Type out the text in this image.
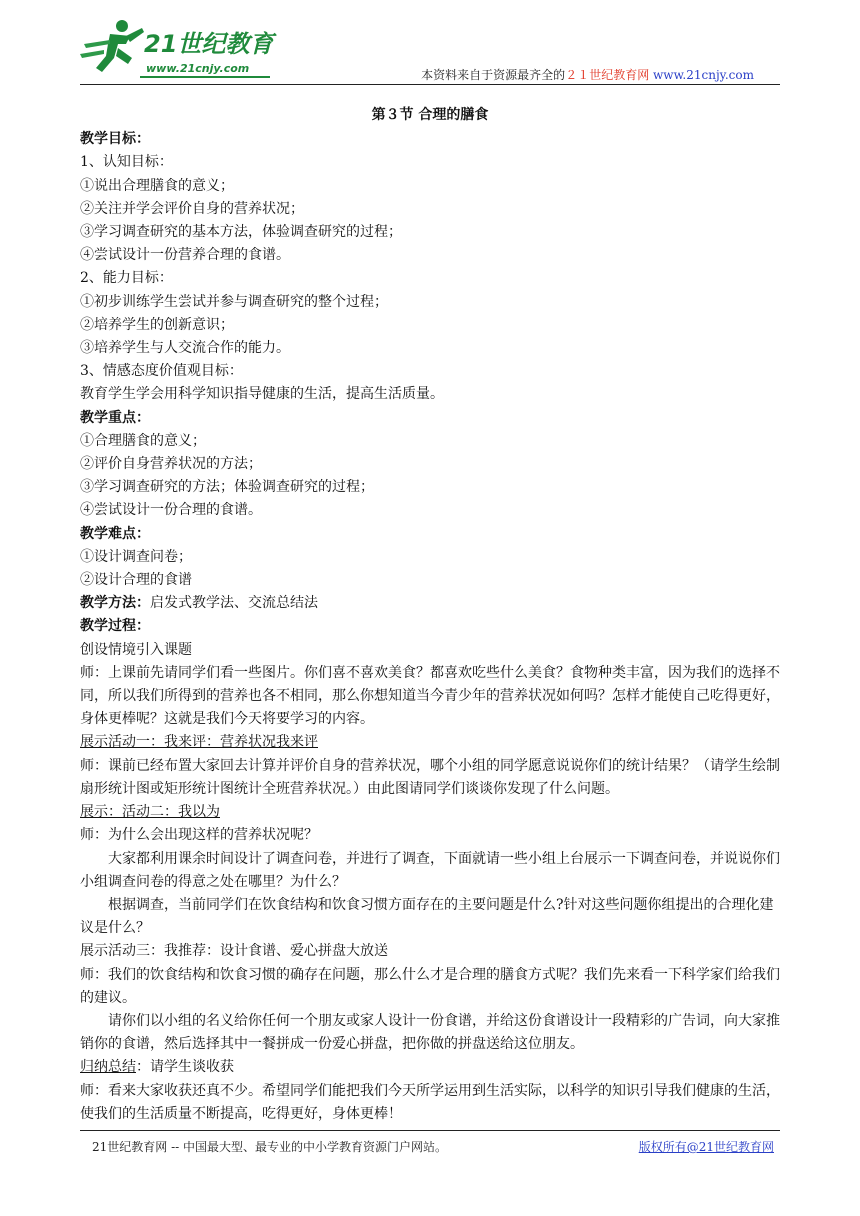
21世纪教育
www.21cnjy.com	本资料来自于资源最齐全的２１世纪教育网 www.21cnjy.com
第３节 合理的膳食
教学目标：
1、认知目标：
①说出合理膳食的意义；
②关注并学会评价自身的营养状况；
③学习调查研究的基本方法，体验调查研究的过程；
④尝试设计一份营养合理的食谱。
2、能力目标：
①初步训练学生尝试并参与调查研究的整个过程；
②培养学生的创新意识；
③培养学生与人交流合作的能力。
3、情感态度价值观目标：
教育学生学会用科学知识指导健康的生活，提高生活质量。
教学重点：
①合理膳食的意义；
②评价自身营养状况的方法；
③学习调查研究的方法；体验调查研究的过程；
④尝试设计一份合理的食谱。
教学难点：
①设计调查问卷；
②设计合理的食谱
教学方法：启发式教学法、交流总结法
教学过程：
创设情境引入课题
师：上课前先请同学们看一些图片。你们喜不喜欢美食？都喜欢吃些什么美食？食物种类丰富，因为我们的选择不同，所以我们所得到的营养也各不相同，那么你想知道当今青少年的营养状况如何吗？怎样才能使自己吃得更好，身体更棒呢？这就是我们今天将要学习的内容。
展示活动一：我来评：营养状况我来评
师：课前已经布置大家回去计算并评价自身的营养状况，哪个小组的同学愿意说说你们的统计结果？（请学生绘制扇形统计图或矩形统计图统计全班营养状况。）由此图请同学们谈谈你发现了什么问题。
展示：活动二：我以为
师：为什么会出现这样的营养状况呢？
大家都利用课余时间设计了调查问卷，并进行了调查，下面就请一些小组上台展示一下调查问卷，并说说你们小组调查问卷的得意之处在哪里？为什么？
根据调查，当前同学们在饮食结构和饮食习惯方面存在的主要问题是什么?针对这些问题你组提出的合理化建议是什么？
展示活动三：我推荐：设计食谱、爱心拼盘大放送
师：我们的饮食结构和饮食习惯的确存在问题，那么什么才是合理的膳食方式呢？我们先来看一下科学家们给我们的建议。
请你们以小组的名义给你任何一个朋友或家人设计一份食谱，并给这份食谱设计一段精彩的广告词，向大家推销你的食谱，然后选择其中一餐拼成一份爱心拼盘，把你做的拼盘送给这位朋友。
归纳总结：请学生谈收获
师：看来大家收获还真不少。希望同学们能把我们今天所学运用到生活实际，以科学的知识引导我们健康的生活，使我们的生活质量不断提高，吃得更好，身体更棒！
21世纪教育网 -- 中国最大型、最专业的中小学教育资源门户网站。	版权所有@21世纪教育网
